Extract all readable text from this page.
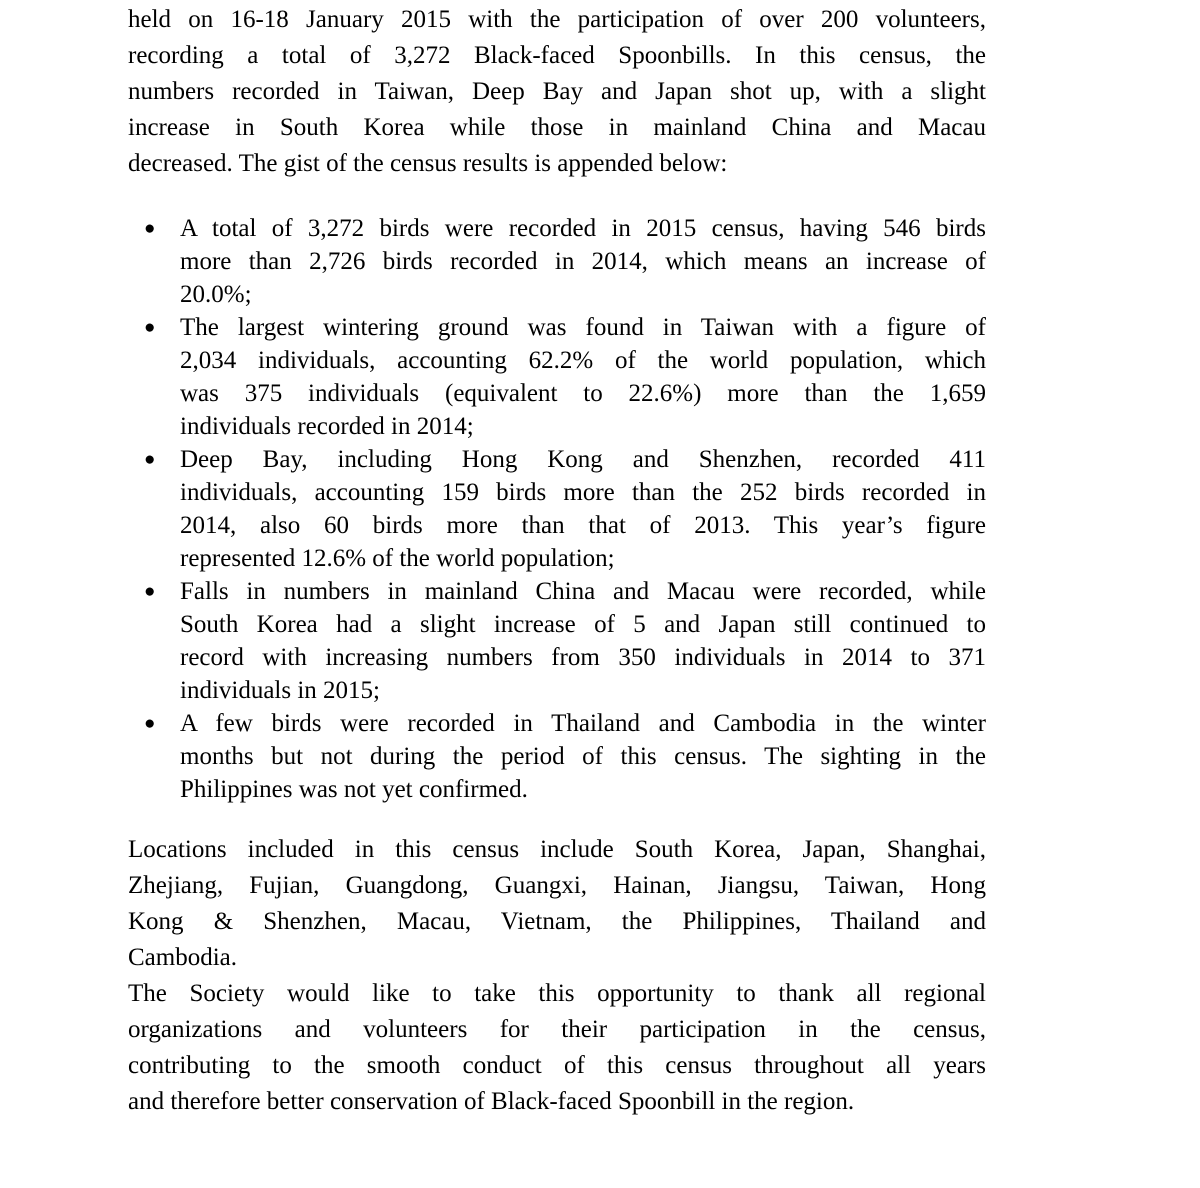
held on 16-18 January 2015 with the participation of over 200 volunteers,
recording a total of 3,272 Black-faced Spoonbills. In this census, the
numbers recorded in Taiwan, Deep Bay and Japan shot up, with a slight
increase in South Korea while those in mainland China and Macau
decreased. The gist of the census results is appended below:
● A total of 3,272 birds were recorded in 2015 census, having 546 birds
more than 2,726 birds recorded in 2014, which means an increase of
20.0%;
● The largest wintering ground was found in Taiwan with a figure of
2,034 individuals, accounting 62.2% of the world population, which
was 375 individuals (equivalent to 22.6%) more than the 1,659
individuals recorded in 2014;
● Deep Bay, including Hong Kong and Shenzhen, recorded 411
individuals, accounting 159 birds more than the 252 birds recorded in
2014, also 60 birds more than that of 2013. This year’s figure
represented 12.6% of the world population;
● Falls in numbers in mainland China and Macau were recorded, while
South Korea had a slight increase of 5 and Japan still continued to
record with increasing numbers from 350 individuals in 2014 to 371
individuals in 2015;
● A few birds were recorded in Thailand and Cambodia in the winter
months but not during the period of this census. The sighting in the
Philippines was not yet confirmed.
Locations included in this census include South Korea, Japan, Shanghai,
Zhejiang, Fujian, Guangdong, Guangxi, Hainan, Jiangsu, Taiwan, Hong
Kong & Shenzhen, Macau, Vietnam, the Philippines, Thailand and
Cambodia.
The Society would like to take this opportunity to thank all regional
organizations and volunteers for their participation in the census,
contributing to the smooth conduct of this census throughout all years
and therefore better conservation of Black-faced Spoonbill in the region.
